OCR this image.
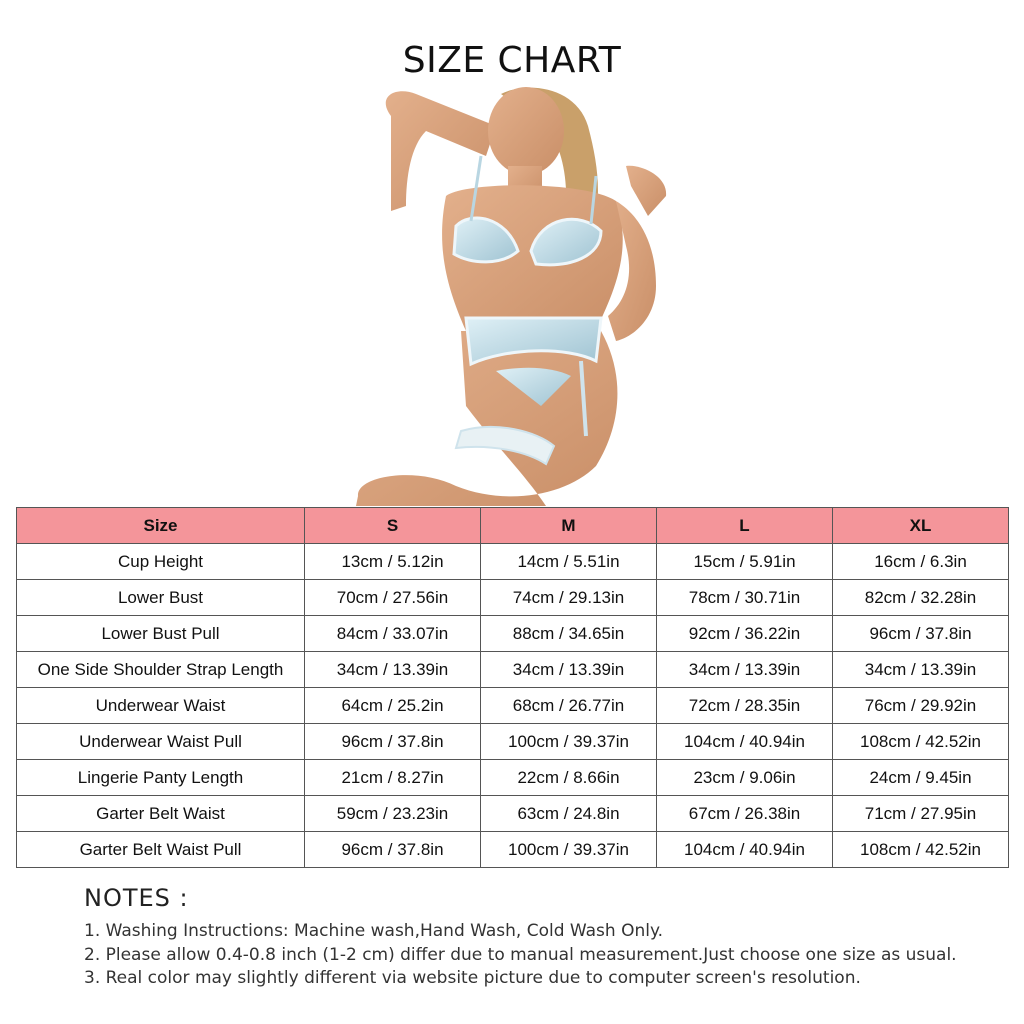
SIZE CHART
Size	S	M	L	XL
Cup Height	13cm / 5.12in	14cm / 5.51in	15cm / 5.91in	16cm / 6.3in
Lower Bust	70cm / 27.56in	74cm / 29.13in	78cm / 30.71in	82cm / 32.28in
Lower Bust Pull	84cm / 33.07in	88cm / 34.65in	92cm / 36.22in	96cm / 37.8in
One Side Shoulder Strap Length	34cm / 13.39in	34cm / 13.39in	34cm / 13.39in	34cm / 13.39in
Underwear Waist	64cm / 25.2in	68cm / 26.77in	72cm / 28.35in	76cm / 29.92in
Underwear Waist Pull	96cm / 37.8in	100cm / 39.37in	104cm / 40.94in	108cm / 42.52in
Lingerie Panty Length	21cm / 8.27in	22cm / 8.66in	23cm / 9.06in	24cm / 9.45in
Garter Belt Waist	59cm / 23.23in	63cm / 24.8in	67cm / 26.38in	71cm / 27.95in
Garter Belt Waist Pull	96cm / 37.8in	100cm / 39.37in	104cm / 40.94in	108cm / 42.52in
NOTES :
1. Washing Instructions: Machine wash,Hand Wash, Cold Wash Only.
2. Please allow 0.4-0.8 inch (1-2 cm) differ due to manual measurement.Just choose one size as usual.
3. Real color may slightly different via website picture due to computer screen's resolution.
